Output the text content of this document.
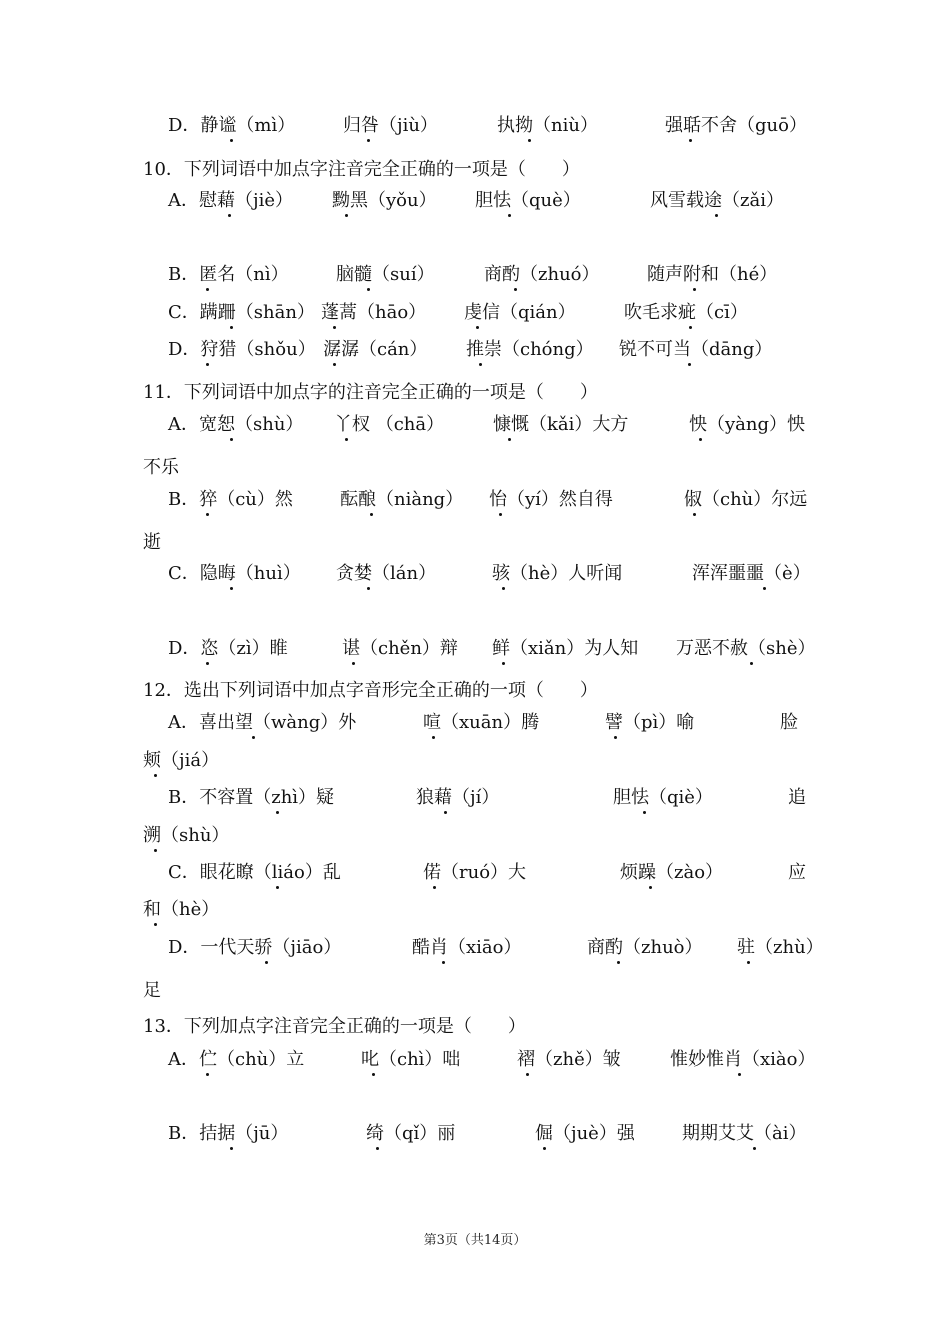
D．静谧（mì）	归咎（jiù）	执拗（niù）	强聒不舍（guō）
10．下列词语中加点字注音完全正确的一项是（　　）
A．慰藉（jiè） 黝黑（yǒu） 胆怯（què）	风雪载途（zǎi）
B．匿名（nì）	脑髓（suí）	商酌（zhuó）	随声附和（hé）
C．蹒跚（shān） 蓬蒿（hāo） 虔信（qián）	吹毛求疵（cī）
D．狩猎（shǒu） 潺潺（cán） 推崇（chóng） 锐不可当（dāng）
11．下列词语中加点字的注音完全正确的一项是（　　）
A．宽恕（shù） 丫杈 （chā）	慷慨（kǎi）大方	怏（yàng）怏
不乐
B．猝（cù）然	酝酿（niàng） 怡（yí）然自得	俶（chù）尔远
逝
C．隐晦（huì） 贪婪（lán）	骇（hè）人听闻	浑浑噩噩（è）
D．恣（zì）睢	谌（chěn）辩 鲜（xiǎn）为人知 万恶不赦（shè）
12．选出下列词语中加点字音形完全正确的一项（　　）
A．喜出望（wàng）外	喧（xuān）腾	譬（pì）喻	脸
颊（jiá）
B．不容置（zhì）疑	狼藉（jí）	胆怯（qiè）	追
溯（shù）
C．眼花瞭（liáo）乱	偌（ruó）大	烦躁（zào）	应
和（hè）
D．一代天骄（jiāo）	酷肖（xiāo）	商酌（zhuò） 驻（zhù）
足
13．下列加点字注音完全正确的一项是（　　）
A．伫（chù）立	叱（chì）咄	褶（zhě）皱	惟妙惟肖（xiào）
B．拮据（jū）	绮（qǐ）丽	倔（juè）强	期期艾艾（ài）
第3页（共14页）
